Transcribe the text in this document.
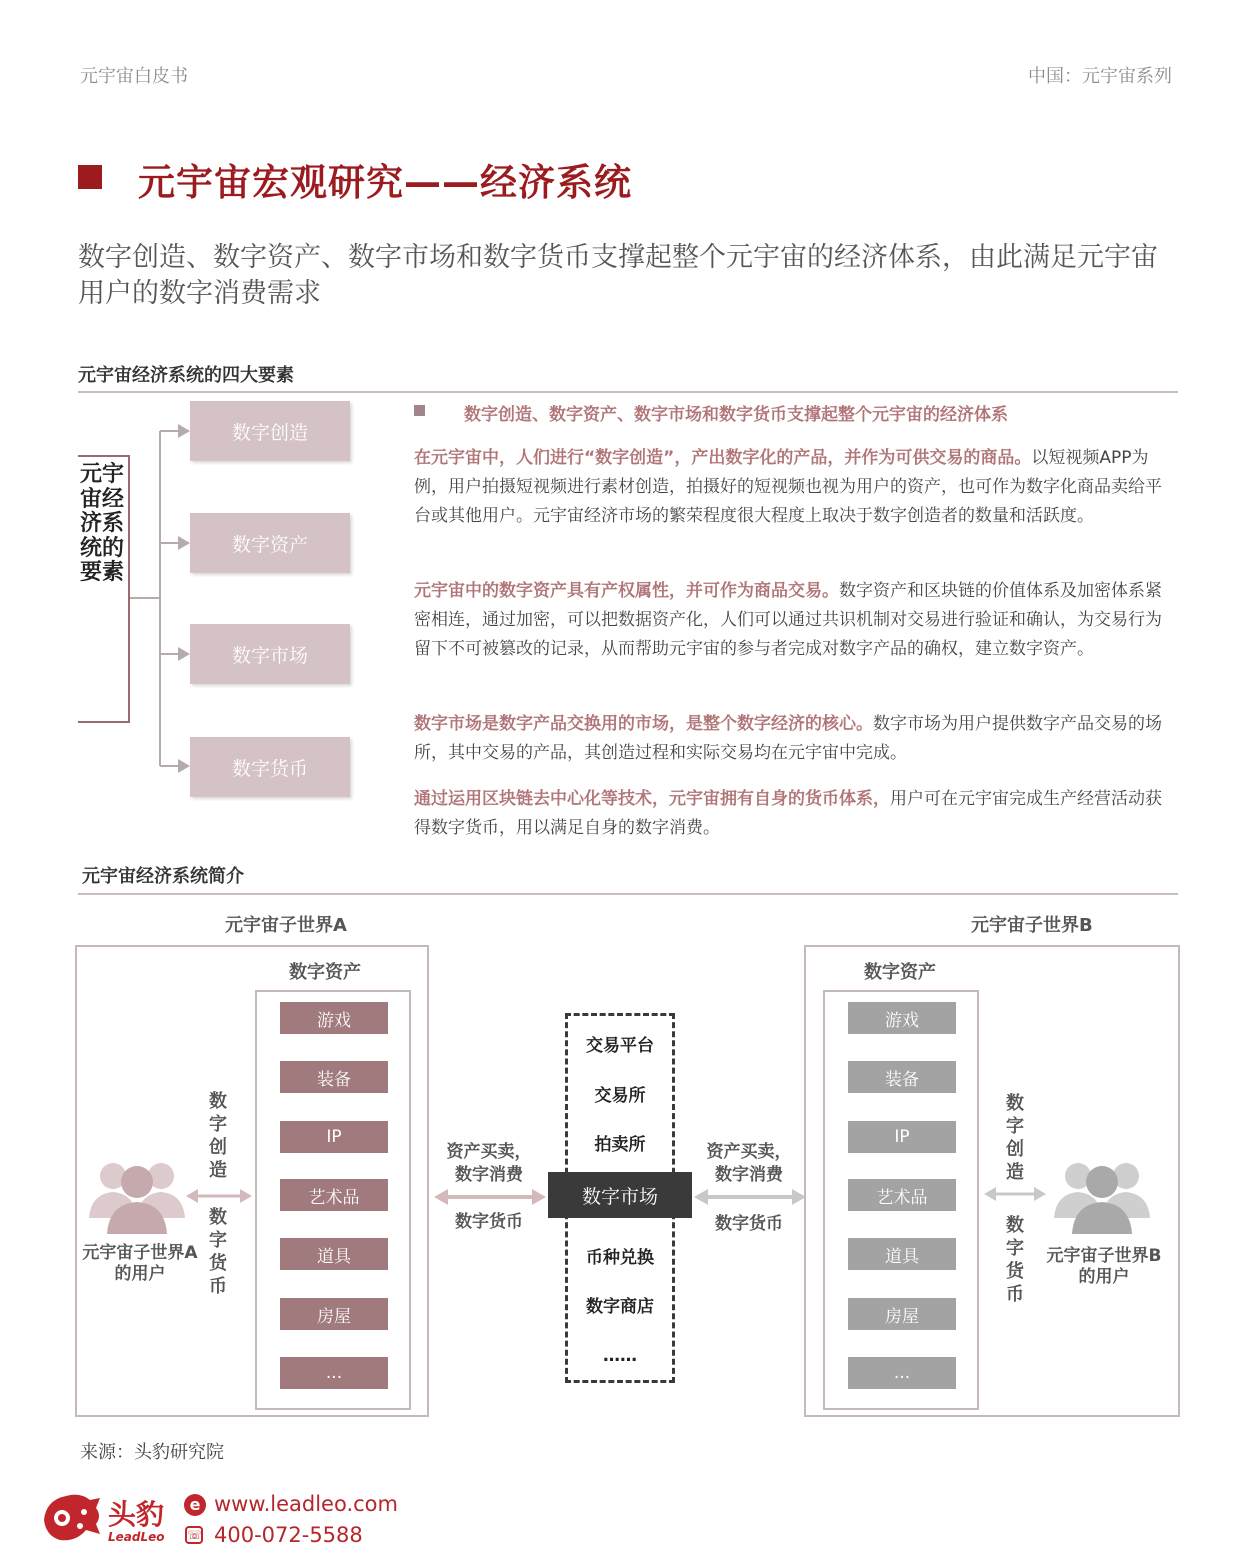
元宇宙白皮书	中国：元宇宙系列
元宇宙宏观研究——经济系统
数字创造、数字资产、数字市场和数字货币支撑起整个元宇宙的经济体系，由此满足元宇宙用户的数字消费需求
元宇宙经济系统的四大要素
元宇宙经济系统的要素
数字创造
数字资产
数字市场
数字货币
数字创造、数字资产、数字市场和数字货币支撑起整个元宇宙的经济体系
在元宇宙中，人们进行“数字创造”，产出数字化的产品，并作为可供交易的商品。以短视频APP为例，用户拍摄短视频进行素材创造，拍摄好的短视频也视为用户的资产，也可作为数字化商品卖给平台或其他用户。元宇宙经济市场的繁荣程度很大程度上取决于数字创造者的数量和活跃度。
元宇宙中的数字资产具有产权属性，并可作为商品交易。数字资产和区块链的价值体系及加密体系紧密相连，通过加密，可以把数据资产化，人们可以通过共识机制对交易进行验证和确认，为交易行为留下不可被篡改的记录，从而帮助元宇宙的参与者完成对数字产品的确权，建立数字资产。
数字市场是数字产品交换用的市场，是整个数字经济的核心。数字市场为用户提供数字产品交易的场所，其中交易的产品，其创造过程和实际交易均在元宇宙中完成。
通过运用区块链去中心化等技术，元宇宙拥有自身的货币体系，用户可在元宇宙完成生产经营活动获得数字货币，用以满足自身的数字消费。
元宇宙经济系统简介
元宇宙子世界A
数字资产
游戏
装备
IP
艺术品
道具
房屋
...
元宇宙子世界A的用户
数字创造
数字货币
资产买卖，数字消费
数字货币
交易平台
交易所
拍卖所
数字市场
币种兑换
数字商店
……
资产买卖，数字消费
数字货币
元宇宙子世界B
数字资产
游戏
装备
IP
艺术品
道具
房屋
...
数字创造
数字货币
元宇宙子世界B的用户
来源：头豹研究院
头豹
LeadLeo
e www.leadleo.com
☏ 400-072-5588
